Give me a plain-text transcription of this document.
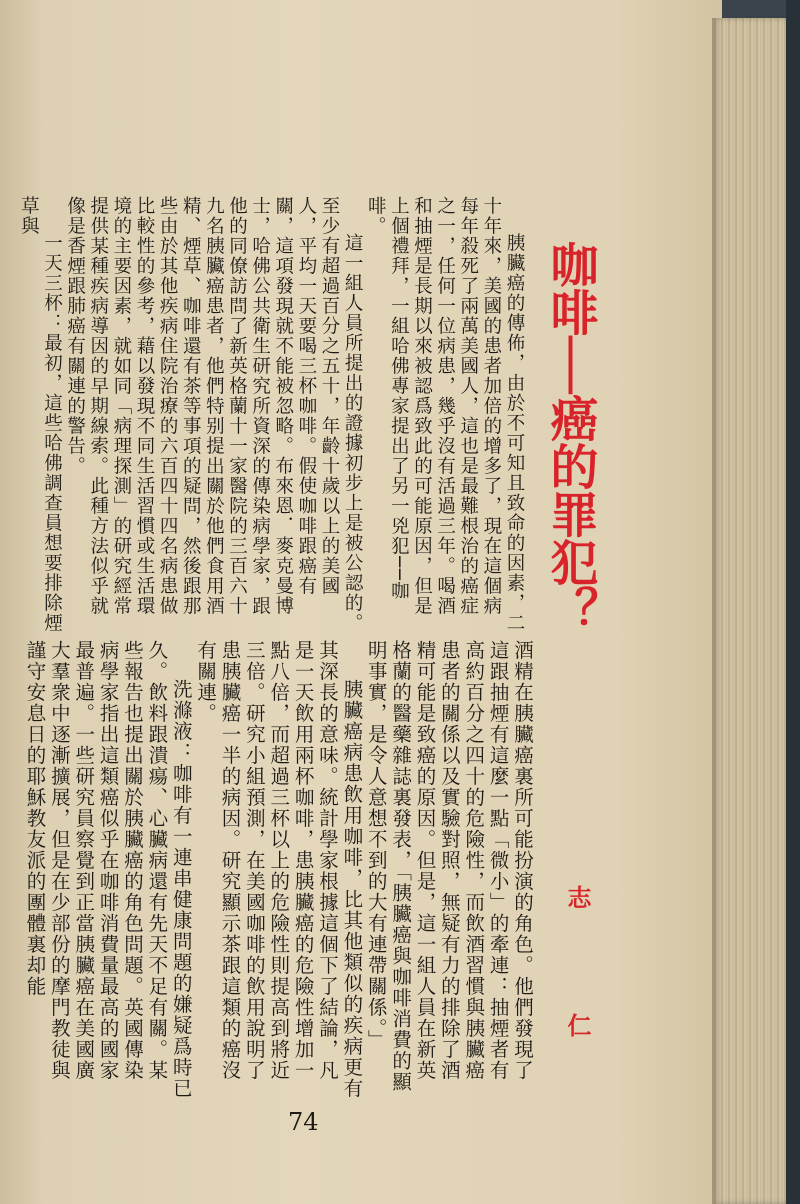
咖啡──癌的罪犯？

胰臟癌的傳佈，由於不可知且致命的因素，二十年來，美國的患者加倍的增多了，現在這個病每年殺死了兩萬美國人，這也是最難根治的癌症之一，任何一位病患，幾乎沒有活過三年。喝酒和抽煙是長期以來被認爲致此的可能原因，但是上個禮拜，一組哈佛專家提出了另一兇犯──咖啡。

這一組人員所提出的證據初步上是被公認的。至少有超過百分之五十，年齡十歲以上的美國人，平均一天要喝三杯咖啡。假使咖啡跟癌有關，這項發現就不能被忽略。布來恩．麥克曼博士，哈佛公共衛生研究所資深的傳染病學家，跟他的同僚訪問了新英格蘭十一家醫院的三百六十九名胰臟癌患者，他們特别提出關於他們食用酒精、煙草、咖啡還有茶等事項的疑問，然後跟那些由於其他疾病住院治療的六百四十四名病患做比較性的參考，藉以發現不同生活習慣或生活環境的主要因素，就如同「病理探測」的研究經常提供某種疾病導因的早期線索。此種方法似乎就像是香煙跟肺癌有關連的警告。

一天三杯：最初，這些哈佛調查員想要排除煙草與

酒精在胰臟癌裏所可能扮演的角色。他們發現了這跟抽煙有這麼一點「微小」的牽連：抽煙者有高約百分之四十的危險性，而飲酒習慣與胰臟癌患者的關係以及實驗對照，無疑有力的排除了酒精可能是致癌的原因。但是，這一組人員在新英格蘭的醫藥雜誌裏發表，「胰臟癌與咖啡消費的顯明事實，是令人意想不到的大有連帶關係。」

胰臟癌病患飲用咖啡，比其他類似的疾病更有其深長的意味。統計學家根據這個下了結論，凡是一天飲用兩杯咖啡，患胰臟癌的危險性增加一點八倍，而超過三杯以上的危險性則提高到將近三倍。研究小組預測，在美國咖啡的飲用說明了患胰臟癌一半的病因。研究顯示茶跟這類的癌沒有關連。

洗滌液：咖啡有一連串健康問題的嫌疑爲時已久。飲料跟潰瘍、心臟病還有先天不足有關。某些報告也提出關於胰臟癌的角色問題。英國傳染病學家指出這類癌似乎在咖啡消費量最高的國家最普遍。一些研究員察覺到正當胰臟癌在美國廣大羣衆中逐漸擴展，但是在少部份的摩門教徒與謹守安息日的耶穌教友派的團體裏却能	志　仁
74
